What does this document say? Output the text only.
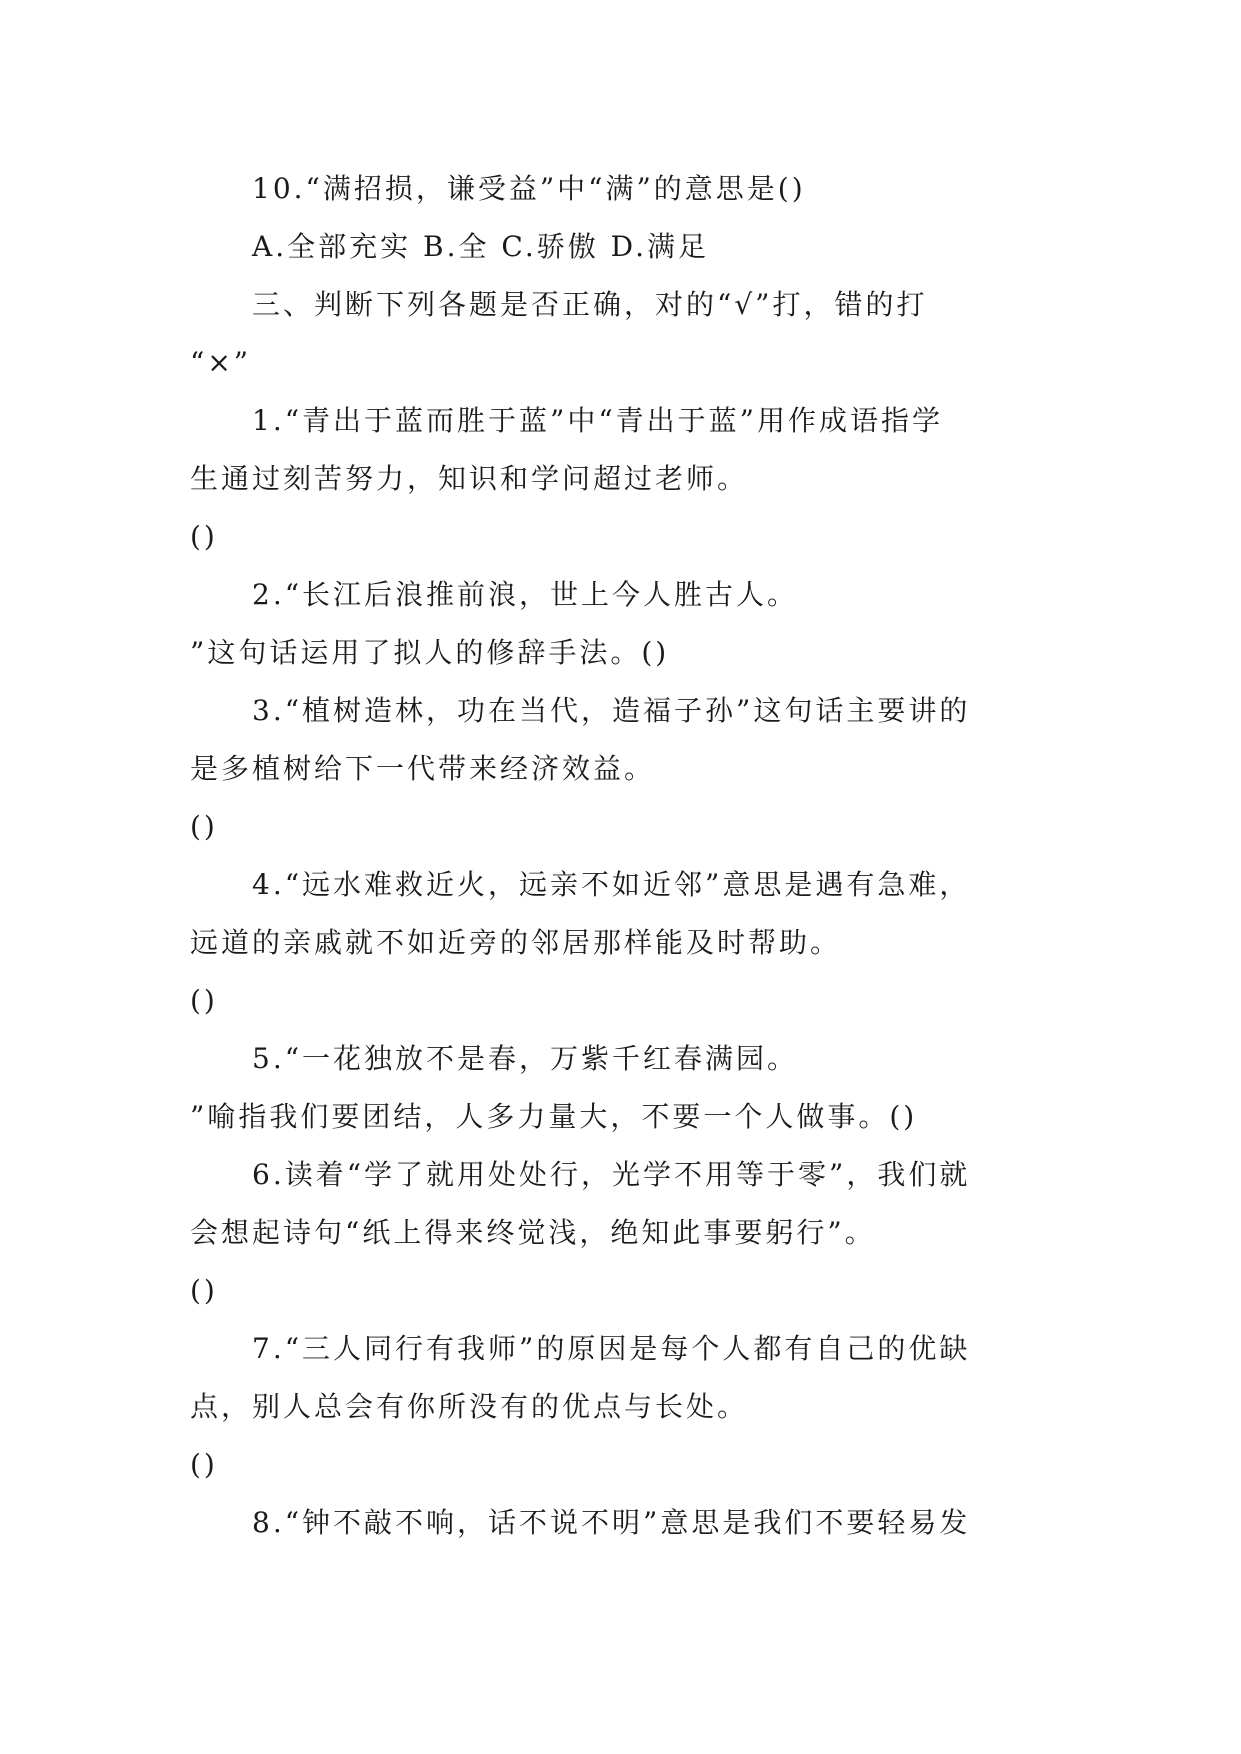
10.“满招损，谦受益”中“满”的意思是()
A.全部充实 B.全 C.骄傲 D.满足
三、判断下列各题是否正确，对的“√”打，错的打
“×”
1.“青出于蓝而胜于蓝”中“青出于蓝”用作成语指学
生通过刻苦努力，知识和学问超过老师。
()
2.“长江后浪推前浪，世上今人胜古人。
”这句话运用了拟人的修辞手法。()
3.“植树造林，功在当代，造福子孙”这句话主要讲的
是多植树给下一代带来经济效益。
()
4.“远水难救近火，远亲不如近邻”意思是遇有急难，
远道的亲戚就不如近旁的邻居那样能及时帮助。
()
5.“一花独放不是春，万紫千红春满园。
”喻指我们要团结，人多力量大，不要一个人做事。()
6.读着“学了就用处处行，光学不用等于零”，我们就
会想起诗句“纸上得来终觉浅，绝知此事要躬行”。
()
7.“三人同行有我师”的原因是每个人都有自己的优缺
点，别人总会有你所没有的优点与长处。
()
8.“钟不敲不响，话不说不明”意思是我们不要轻易发
